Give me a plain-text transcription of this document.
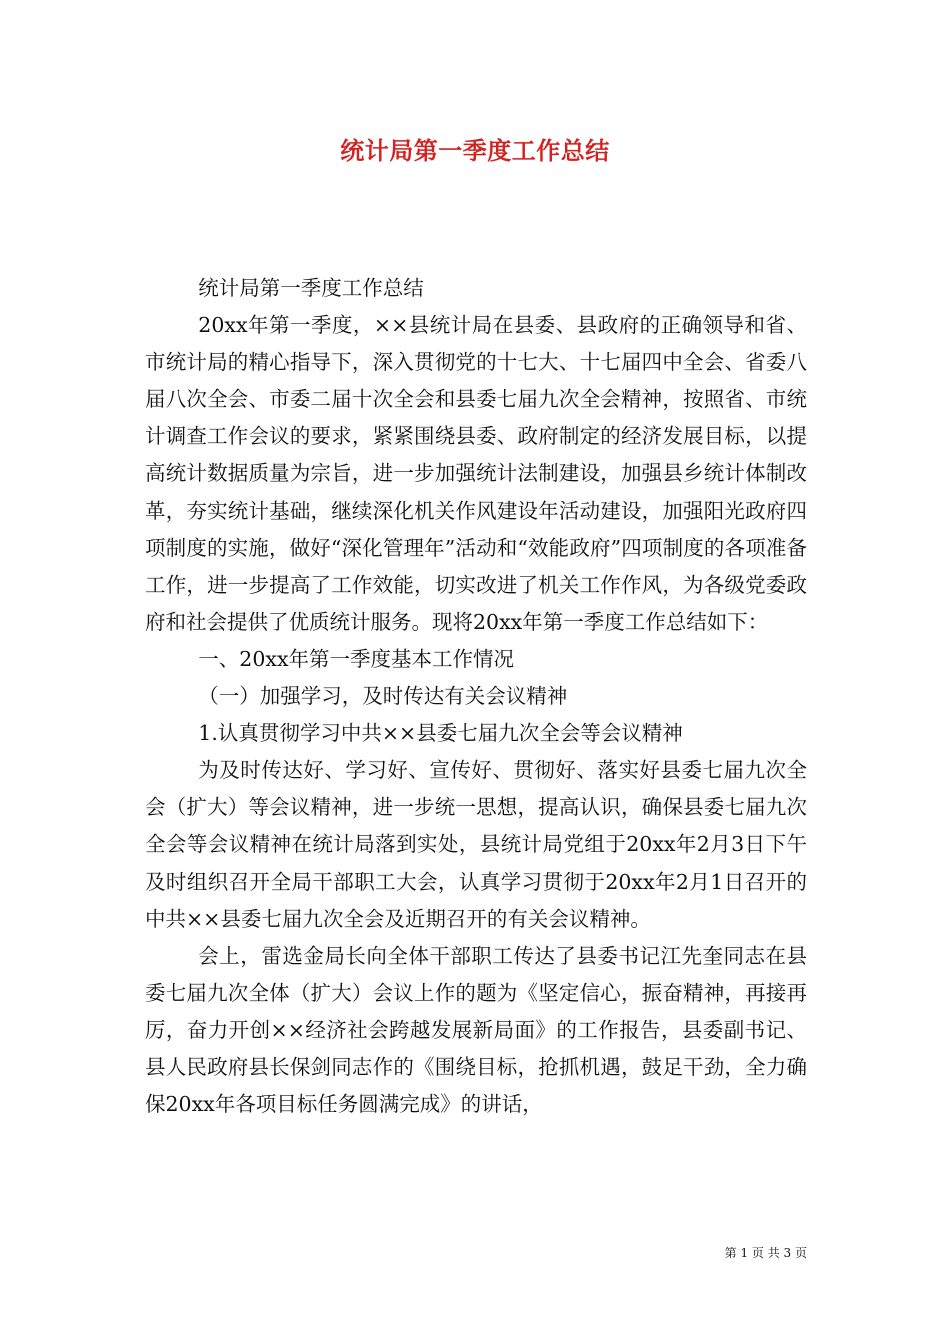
统计局第一季度工作总结

统计局第一季度工作总结

20xx年第一季度，××县统计局在县委、县政府的正确领导和省、市统计局的精心指导下，深入贯彻党的十七大、十七届四中全会、省委八届八次全会、市委二届十次全会和县委七届九次全会精神，按照省、市统计调查工作会议的要求，紧紧围绕县委、政府制定的经济发展目标，以提高统计数据质量为宗旨，进一步加强统计法制建设，加强县乡统计体制改革，夯实统计基础，继续深化机关作风建设年活动建设，加强阳光政府四项制度的实施，做好“深化管理年”活动和“效能政府”四项制度的各项准备工作，进一步提高了工作效能，切实改进了机关工作作风，为各级党委政府和社会提供了优质统计服务。现将20xx年第一季度工作总结如下：

一、20xx年第一季度基本工作情况

（一）加强学习，及时传达有关会议精神

1.认真贯彻学习中共××县委七届九次全会等会议精神

为及时传达好、学习好、宣传好、贯彻好、落实好县委七届九次全会（扩大）等会议精神，进一步统一思想，提高认识，确保县委七届九次全会等会议精神在统计局落到实处，县统计局党组于20xx年2月3日下午及时组织召开全局干部职工大会，认真学习贯彻于20xx年2月1日召开的中共××县委七届九次全会及近期召开的有关会议精神。

会上，雷选金局长向全体干部职工传达了县委书记江先奎同志在县委七届九次全体（扩大）会议上作的题为《坚定信心，振奋精神，再接再厉，奋力开创××经济社会跨越发展新局面》的工作报告，县委副书记、县人民政府县长保剑同志作的《围绕目标，抢抓机遇，鼓足干劲，全力确保20xx年各项目标任务圆满完成》的讲话，

第 1 页 共 3 页
